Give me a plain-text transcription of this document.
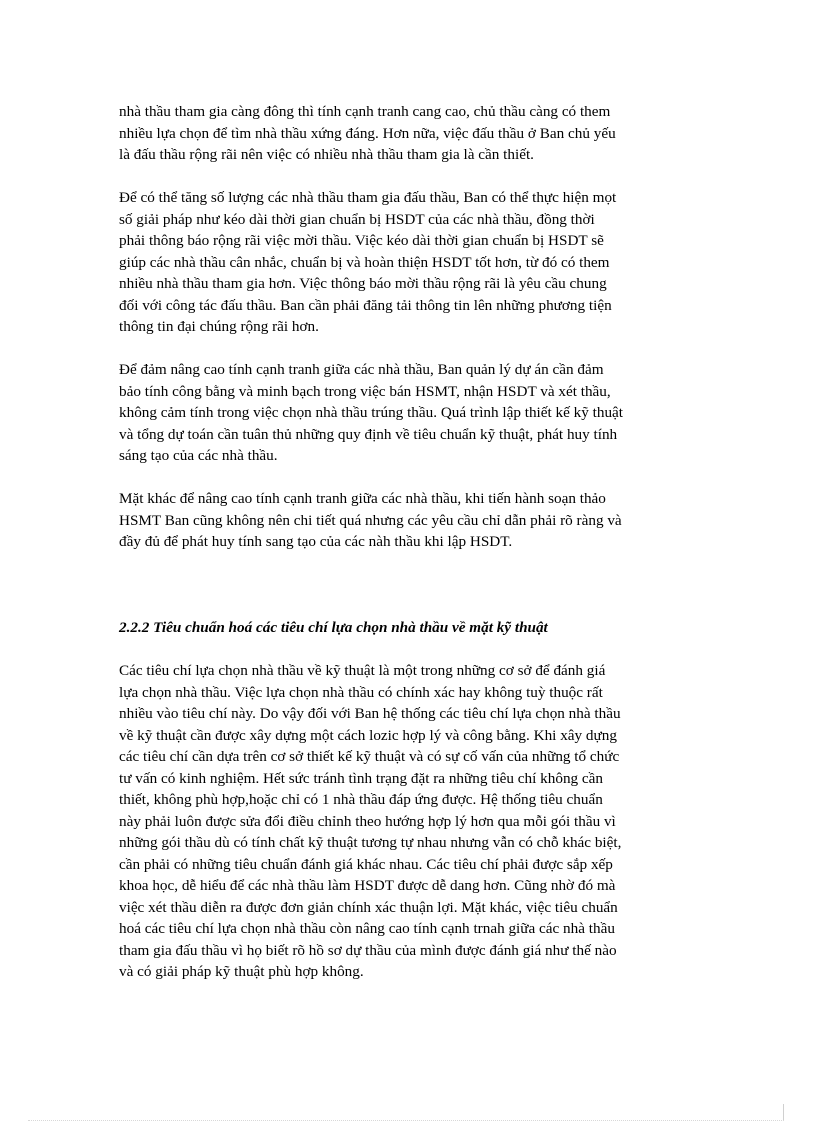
nhà thầu tham gia càng đông thì tính cạnh tranh cang cao, chủ thầu càng có them
nhiều lựa chọn để tìm nhà thầu xứng đáng. Hơn nữa, việc đấu thầu ở Ban chủ yếu
là đấu thầu rộng rãi nên việc có nhiều nhà thầu tham gia là cần thiết.

Để có thể tăng số lượng các nhà thầu tham gia đấu thầu, Ban có thể thực hiện mọt
số giải pháp như kéo dài thời gian chuẩn bị HSDT của các nhà thầu, đồng thời
phải thông báo rộng rãi việc mời thầu. Việc kéo dài thời gian chuẩn bị HSDT sẽ
giúp các nhà thầu cân nhắc, chuẩn bị và hoàn thiện HSDT tốt hơn, từ đó có them
nhiều nhà thầu tham gia hơn. Việc thông báo mời thầu rộng rãi là yêu cầu chung
đối với công tác đấu thầu. Ban cần phải đăng tải thông tin lên những phương tiện
thông tin đại chúng rộng rãi hơn.

Để đảm nâng cao tính cạnh tranh giữa các nhà thầu, Ban quản lý dự án cần đảm
bảo tính công bằng và minh bạch trong việc bán HSMT, nhận HSDT và xét thầu,
không cảm tính trong việc chọn nhà thầu trúng thầu. Quá trình lập thiết kế kỹ thuật
và tổng dự toán cần tuân thủ những quy định về tiêu chuẩn kỹ thuật, phát huy tính
sáng tạo của các nhà thầu.

Mặt khác để nâng cao tính cạnh tranh giữa các nhà thầu, khi tiến hành soạn thảo
HSMT Ban cũng không nên chi tiết quá nhưng các yêu cầu chỉ dẫn phải rõ ràng và
đầy đủ để phát huy tính sang tạo của các nàh thầu khi lập HSDT.

2.2.2 Tiêu chuẩn hoá các tiêu chí lựa chọn nhà thầu về mặt kỹ thuật

Các tiêu chí lựa chọn nhà thầu về kỹ thuật là một trong những cơ sở để đánh giá
lựa chọn nhà thầu. Việc lựa chọn nhà thầu có chính xác hay không tuỳ thuộc rất
nhiều vào tiêu chí này. Do vậy đối với Ban hệ thống các tiêu chí lựa chọn nhà thầu
về kỹ thuật cần được xây dựng một cách lozic hợp lý và công bằng. Khi xây dựng
các tiêu chí cần dựa trên cơ sở thiết kế kỹ thuật và có sự cố vấn của những tổ chức
tư vấn có kinh nghiệm. Hết sức tránh tình trạng đặt ra những tiêu chí không cần
thiết, không phù hợp,hoặc chỉ có 1 nhà thầu đáp ứng được. Hệ thống tiêu chuẩn
này phải luôn được sửa đổi điều chỉnh theo hướng hợp lý hơn qua mỗi gói thầu vì
những gói thầu dù có tính chất kỹ thuật tương tự nhau nhưng vẫn có chỗ khác biệt,
cần phải có những tiêu chuẩn đánh giá khác nhau. Các tiêu chí phải được sắp xếp
khoa học, dễ hiểu để các nhà thầu làm HSDT được dễ dang hơn. Cũng nhờ đó mà
việc xét thầu diễn ra được đơn giản chính xác thuận lợi. Mặt khác, việc tiêu chuẩn
hoá các tiêu chí lựa chọn nhà thầu còn nâng cao tính cạnh trnah giữa các nhà thầu
tham gia đấu thầu vì họ biết rõ hồ sơ dự thầu của mình được đánh giá như thế nào
và có giải pháp kỹ thuật phù hợp không.
